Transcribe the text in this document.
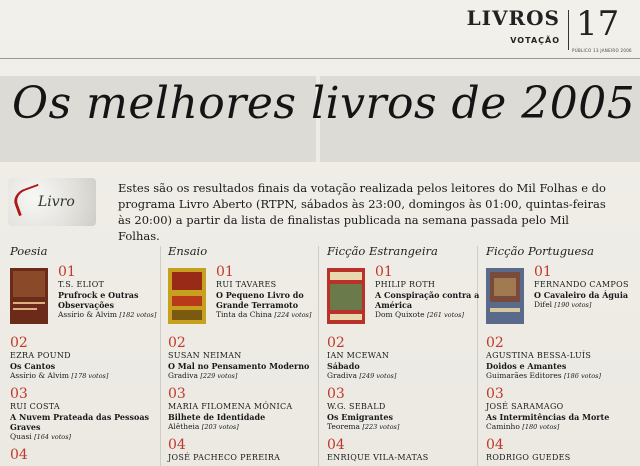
LIVROS
VOTAÇÃO 17
PÚBLICO 13 JANEIRO 2006
Os melhores livros de 2005
Livro
Estes são os resultados finais da votação realizada pelos leitores do Mil Folhas e do programa Livro Aberto (RTPN, sábados às 23:00, domingos às 01:00, quintas-feiras às 20:00) a partir da lista de finalistas publicada na semana passada pelo Mil Folhas.
Poesia
01
T.S. ELIOT
Prufrock e Outras Observações
Assírio & Alvim [182 votos]
02
EZRA POUND
Os Cantos
Assírio & Alvim [178 votos]
03
RUI COSTA
A Nuvem Prateada das Pessoas Graves
Quasi [164 votos]
04
Ensaio
01
RUI TAVARES
O Pequeno Livro do Grande Terramoto
Tinta da China [224 votos]
02
SUSAN NEIMAN
O Mal no Pensamento Moderno
Gradiva [229 votos]
03
MARIA FILOMENA MÓNICA
Bilhete de Identidade
Alêtheia [203 votos]
04
JOSÉ PACHECO PEREIRA
Ficção Estrangeira
01
PHILIP ROTH
A Conspiração contra a América
Dom Quixote [261 votos]
02
IAN MCEWAN
Sábado
Gradiva [249 votos]
03
W.G. SEBALD
Os Emigrantes
Teorema [223 votos]
04
ENRIQUE VILA-MATAS
Ficção Portuguesa
01
FERNANDO CAMPOS
O Cavaleiro da Águia
Difel [190 votos]
02
AGUSTINA BESSA-LUÍS
Doidos e Amantes
Guimarães Editores [186 votos]
03
JOSÉ SARAMAGO
As Intermitências da Morte
Caminho [180 votos]
04
RODRIGO GUEDES
